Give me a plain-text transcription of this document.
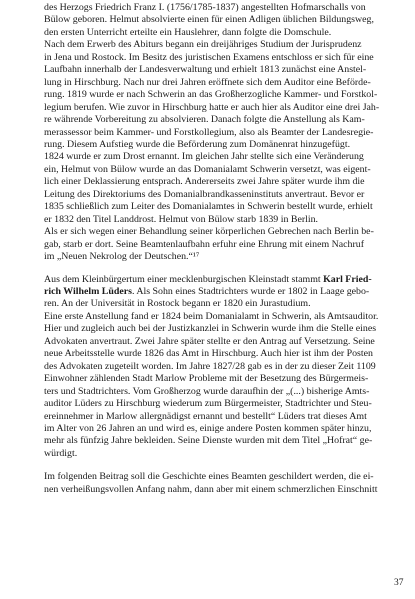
des Herzogs Friedrich Franz I. (1756/1785-1837) angestellten Hofmarschalls von

Bülow geboren. Helmut absolvierte einen für einen Adligen üblichen Bildungsweg,

den ersten Unterricht erteilte ein Hauslehrer, dann folgte die Domschule.

Nach dem Erwerb des Abiturs begann ein dreijähriges Studium der Jurisprudenz

in Jena und Rostock. Im Besitz des juristischen Examens entschloss er sich für eine

Laufbahn innerhalb der Landesverwaltung und erhielt 1813 zunächst eine Anstel-

lung in Hirschburg. Nach nur drei Jahren eröffnete sich dem Auditor eine Beförde-

rung. 1819 wurde er nach Schwerin an das Großherzogliche Kammer- und Forstkol-

legium berufen. Wie zuvor in Hirschburg hatte er auch hier als Auditor eine drei Jah-

re währende Vorbereitung zu absolvieren. Danach folgte die Anstellung als Kam-

merassessor beim Kammer- und Forstkollegium, also als Beamter der Landesregie-

rung. Diesem Aufstieg wurde die Beförderung zum Domänenrat hinzugefügt.

1824 wurde er zum Drost ernannt. Im gleichen Jahr stellte sich eine Veränderung

ein, Helmut von Bülow wurde an das Domanialamt Schwerin versetzt, was eigent-

lich einer Deklassierung entsprach. Andererseits zwei Jahre später wurde ihm die

Leitung des Direktoriums des Domanialbrandkasseninstituts anvertraut. Bevor er

1835 schließlich zum Leiter des Domanialamtes in Schwerin bestellt wurde, erhielt

er 1832 den Titel Landdrost. Helmut von Bülow starb 1839 in Berlin.

Als er sich wegen einer Behandlung seiner körperlichen Gebrechen nach Berlin be-

gab, starb er dort. Seine Beamtenlaufbahn erfuhr eine Ehrung mit einem Nachruf

im „Neuen Nekrolog der Deutschen.“¹⁷

Aus dem Kleinbürgertum einer mecklenburgischen Kleinstadt stammt Karl Fried-

rich Wilhelm Lüders. Als Sohn eines Stadtrichters wurde er 1802 in Laage gebo-

ren. An der Universität in Rostock begann er 1820 ein Jurastudium.

Eine erste Anstellung fand er 1824 beim Domanialamt in Schwerin, als Amtsauditor.

Hier und zugleich auch bei der Justizkanzlei in Schwerin wurde ihm die Stelle eines

Advokaten anvertraut. Zwei Jahre später stellte er den Antrag auf Versetzung. Seine

neue Arbeitsstelle wurde 1826 das Amt in Hirschburg. Auch hier ist ihm der Posten

des Advokaten zugeteilt worden. Im Jahre 1827/28 gab es in der zu dieser Zeit 1109

Einwohner zählenden Stadt Marlow Probleme mit der Besetzung des Bürgermeis-

ters und Stadtrichters. Vom Großherzog wurde daraufhin der „(...) bisherige Amts-

auditor Lüders zu Hirschburg wiederum zum Bürgermeister, Stadtrichter und Steu-

ereinnehmer in Marlow allergnädigst ernannt und bestellt“ Lüders trat dieses Amt

im Alter von 26 Jahren an und wird es, einige andere Posten kommen später hinzu,

mehr als fünfzig Jahre bekleiden. Seine Dienste wurden mit dem Titel „Hofrat“ ge-

würdigt.

Im folgenden Beitrag soll die Geschichte eines Beamten geschildert werden, die ei-

nen verheißungsvollen Anfang nahm, dann aber mit einem schmerzlichen Einschnitt

37
